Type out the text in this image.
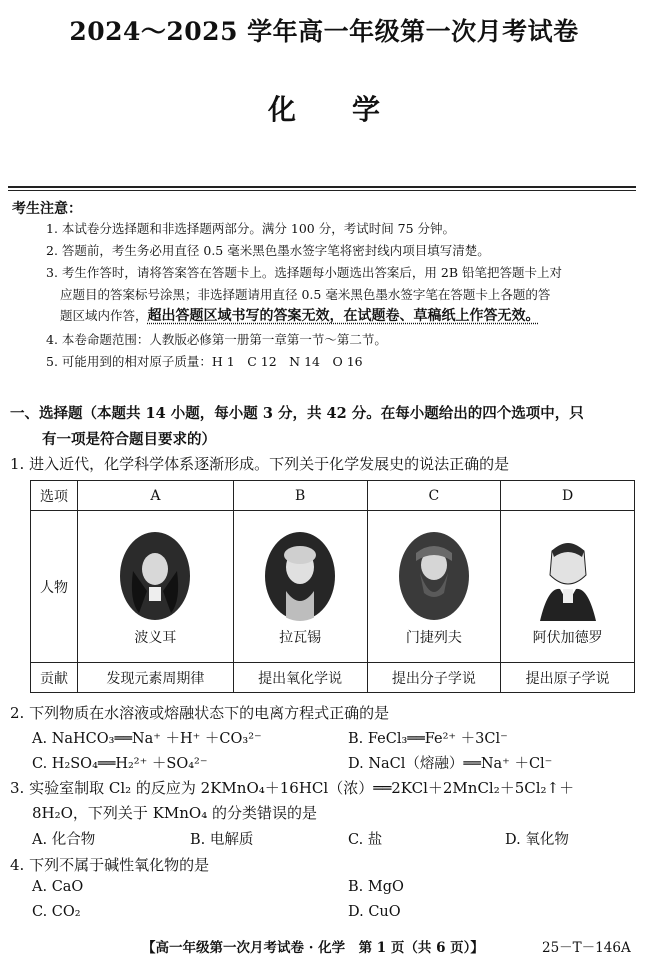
2024～2025 学年高一年级第一次月考试卷
化学
考生注意：
1. 本试卷分选择题和非选择题两部分。满分 100 分，考试时间 75 分钟。
2. 答题前，考生务必用直径 0.5 毫米黑色墨水签字笔将密封线内项目填写清楚。
3. 考生作答时，请将答案答在答题卡上。选择题每小题选出答案后，用 2B 铅笔把答题卡上对
应题目的答案标号涂黑；非选择题请用直径 0.5 毫米黑色墨水签字笔在答题卡上各题的答
题区域内作答，超出答题区域书写的答案无效，在试题卷、草稿纸上作答无效。
4. 本卷命题范围：人教版必修第一册第一章第一节～第二节。
5. 可能用到的相对原子质量：H 1　C 12　N 14　O 16
一、选择题（本题共 14 小题，每小题 3 分，共 42 分。在每小题给出的四个选项中，只
有一项是符合题目要求的）
1. 进入近代，化学科学体系逐渐形成。下列关于化学发展史的说法正确的是
选项	A	B	C	D
人物	波义耳	拉瓦锡	门捷列夫	阿伏加德罗

贡献	发现元素周期律	提出氧化学说	提出分子学说	提出原子学说
2. 下列物质在水溶液或熔融状态下的电离方程式正确的是
A. NaHCO₃══Na⁺ ＋H⁺ ＋CO₃²⁻	B. FeCl₃══Fe²⁺ ＋3Cl⁻
C. H₂SO₄══H₂²⁺ ＋SO₄²⁻	D. NaCl（熔融）══Na⁺ ＋Cl⁻
3. 实验室制取 Cl₂ 的反应为 2KMnO₄＋16HCl（浓）══2KCl＋2MnCl₂＋5Cl₂↑＋
8H₂O，下列关于 KMnO₄ 的分类错误的是
A. 化合物	B. 电解质	C. 盐	D. 氧化物
4. 下列不属于碱性氧化物的是
A. CaO	B. MgO
C. CO₂	D. CuO
【高一年级第一次月考试卷 · 化学　第 1 页（共 6 页）】	25－T－146A
